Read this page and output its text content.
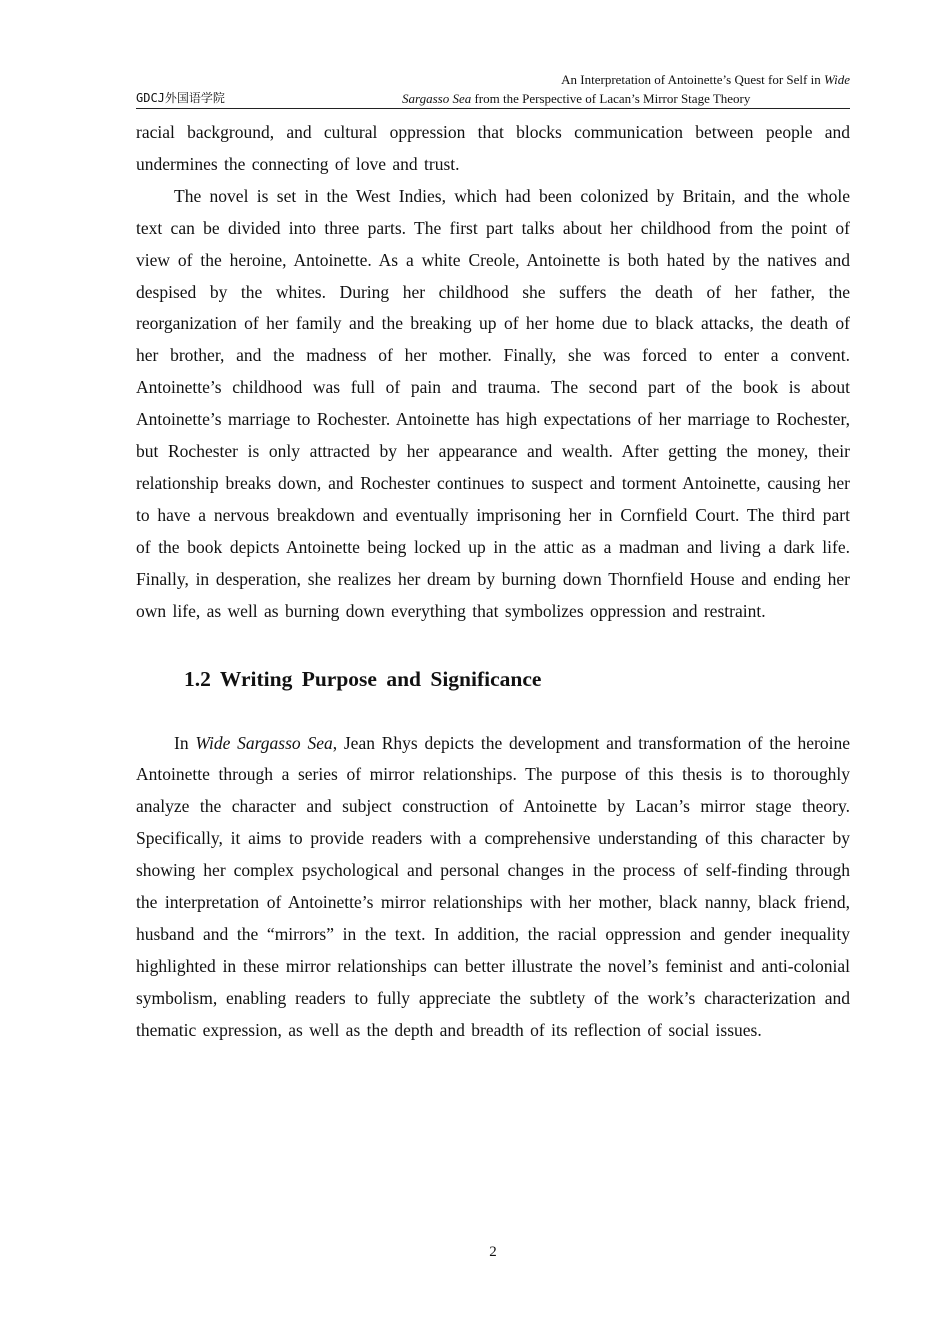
GDCJ外国语学院
An Interpretation of Antoinette’s Quest for Self in Wide
Sargasso Sea from the Perspective of Lacan’s Mirror Stage Theory

racial background, and cultural oppression that blocks communication between people and undermines the connecting of love and trust.

The novel is set in the West Indies, which had been colonized by Britain, and the whole text can be divided into three parts. The first part talks about her childhood from the point of view of the heroine, Antoinette. As a white Creole, Antoinette is both hated by the natives and despised by the whites. During her childhood she suffers the death of her father, the reorganization of her family and the breaking up of her home due to black attacks, the death of her brother, and the madness of her mother. Finally, she was forced to enter a convent. Antoinette’s childhood was full of pain and trauma. The second part of the book is about Antoinette’s marriage to Rochester. Antoinette has high expectations of her marriage to Rochester, but Rochester is only attracted by her appearance and wealth. After getting the money, their relationship breaks down, and Rochester continues to suspect and torment Antoinette, causing her to have a nervous breakdown and eventually imprisoning her in Cornfield Court. The third part of the book depicts Antoinette being locked up in the attic as a madman and living a dark life. Finally, in desperation, she realizes her dream by burning down Thornfield House and ending her own life, as well as burning down everything that symbolizes oppression and restraint.

1.2 Writing Purpose and Significance

In Wide Sargasso Sea, Jean Rhys depicts the development and transformation of the heroine Antoinette through a series of mirror relationships. The purpose of this thesis is to thoroughly analyze the character and subject construction of Antoinette by Lacan’s mirror stage theory. Specifically, it aims to provide readers with a comprehensive understanding of this character by showing her complex psychological and personal changes in the process of self-finding through the interpretation of Antoinette’s mirror relationships with her mother, black nanny, black friend, husband and the “mirrors” in the text. In addition, the racial oppression and gender inequality highlighted in these mirror relationships can better illustrate the novel’s feminist and anti-colonial symbolism, enabling readers to fully appreciate the subtlety of the work’s characterization and thematic expression, as well as the depth and breadth of its reflection of social issues.

2
